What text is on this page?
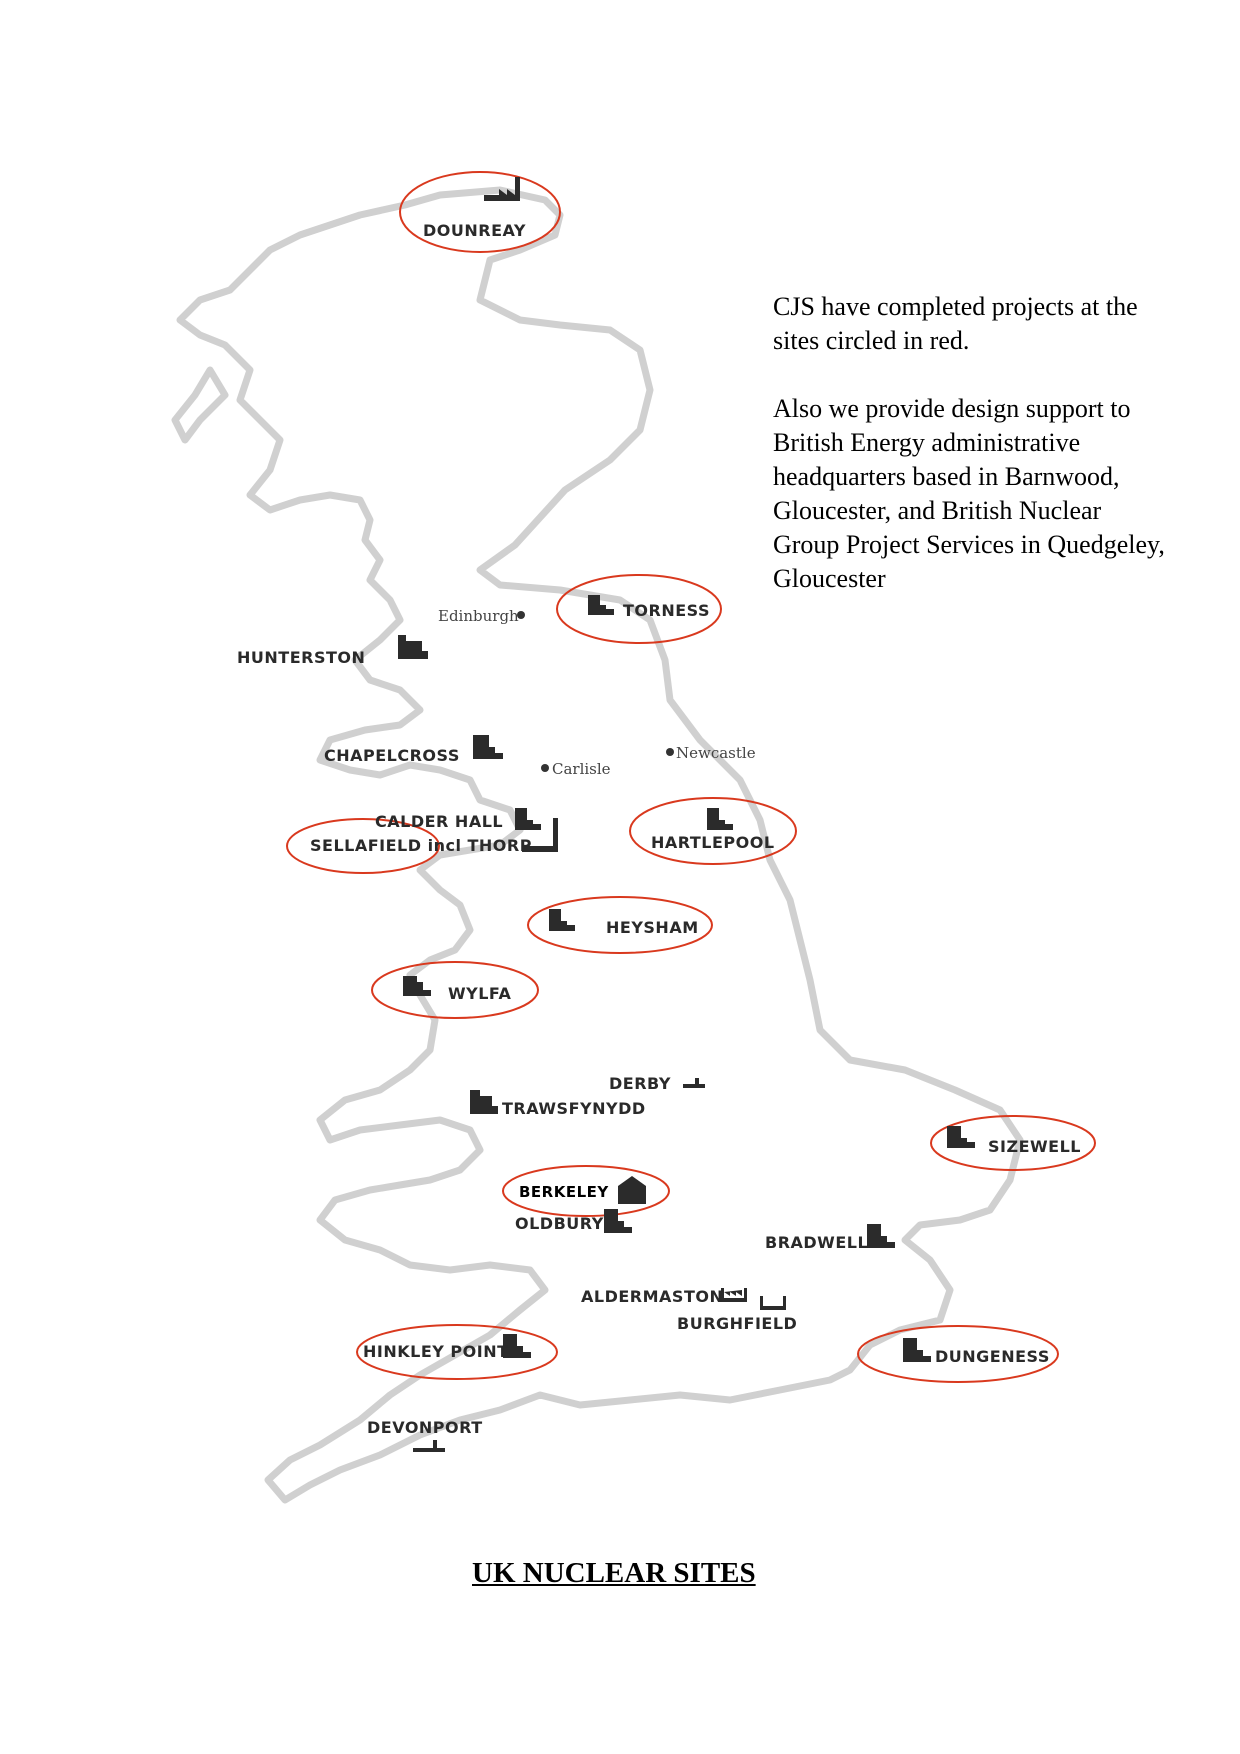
Edinburgh
Newcastle
Carlisle
DOUNREAY
TORNESS
HUNTERSTON
CHAPELCROSS
CALDER HALL
SELLAFIELD incl THORP	HARTLEPOOL
HEYSHAM
WYLFA
DERBY
TRAWSFYNYDD
SIZEWELL
BERKELEY
OLDBURY
BRADWELL
ALDERMASTON
BURGHFIELD
HINKLEY POINT	DUNGENESS
DEVONPORT

CJS have completed projects at the sites circled in red.

Also we provide design support to British Energy administrative headquarters based in Barnwood, Gloucester, and British Nuclear Group Project Services in Quedgeley, Gloucester

UK NUCLEAR SITES
